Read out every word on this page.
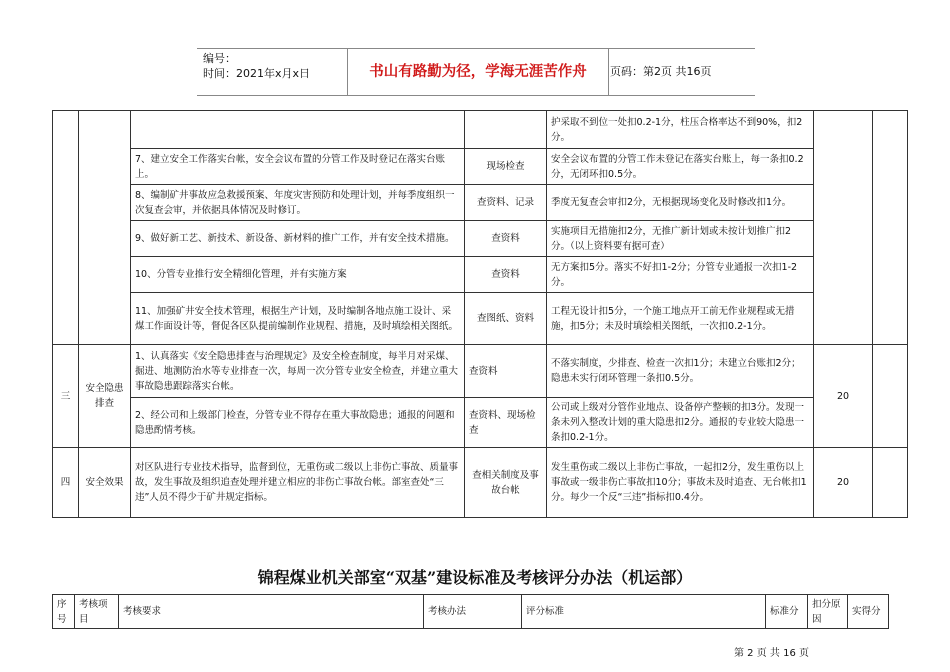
编号：
时间：2021年x月x日	书山有路勤为径，学海无涯苦作舟	页码：第2页 共16页
				护采取不到位一处扣0.2-1分，柱压合格率达不到90%，扣2分。		
		7、建立安全工作落实台帐，安全会议布置的分管工作及时登记在落实台账上。	现场检查	安全会议布置的分管工作未登记在落实台账上，每一条扣0.2分，无闭环扣0.5分。		
		8、编制矿井事故应急救援预案、年度灾害预防和处理计划，并每季度组织一次复查会审，并依据具体情况及时修订。	查资料、记录	季度无复查会审扣2分，无根据现场变化及时修改扣1分。		
		9、做好新工艺、新技术、新设备、新材料的推广工作，并有安全技术措施。	查资料	实施项目无措施扣2分，无推广新计划或未按计划推广扣2分。（以上资料要有据可查）		
		10、分管专业推行安全精细化管理，并有实施方案	查资料	无方案扣5分。落实不好扣1-2分；分管专业通报一次扣1-2分。		
		11、加强矿井安全技术管理，根据生产计划，及时编制各地点施工设计、采煤工作面设计等，督促各区队提前编制作业规程、措施，及时填绘相关图纸。	查图纸、资料	工程无设计扣5分，一个施工地点开工前无作业规程或无措施，扣5分；未及时填绘相关图纸，一次扣0.2-1分。		
三	安全隐患排查	1、认真落实《安全隐患排查与治理规定》及安全检查制度，每半月对采煤、掘进、地测防治水等专业排查一次，每周一次分管专业安全检查，并建立重大事故隐患跟踪落实台帐。	查资料	不落实制度，少排查、检查一次扣1分；未建立台账扣2分；隐患未实行闭环管理一条扣0.5分。	20	
		2、经公司和上级部门检查，分管专业不得存在重大事故隐患；通报的问题和隐患酌情考核。	查资料、现场检查	公司或上级对分管作业地点、设备停产整顿的扣3分。发现一条未列入整改计划的重大隐患扣2分。通报的专业较大隐患一条扣0.2-1分。		
四	安全效果	对区队进行专业技术指导，监督到位，无重伤或二级以上非伤亡事故、质量事故，发生事故及组织追查处理并建立相应的非伤亡事故台帐。部室查处“三违”人员不得少于矿井规定指标。	查相关制度及事故台帐	发生重伤或二级以上非伤亡事故，一起扣2分，发生重伤以上事故或一级非伤亡事故扣10分；事故未及时追查、无台帐扣1分。每少一个反“三违”指标扣0.4分。	20	
锦程煤业机关部室“双基”建设标准及考核评分办法（机运部）
序号	考核项目	考核要求	考核办法	评分标准	标准分	扣分原因	实得分
第 2 页 共 16 页
